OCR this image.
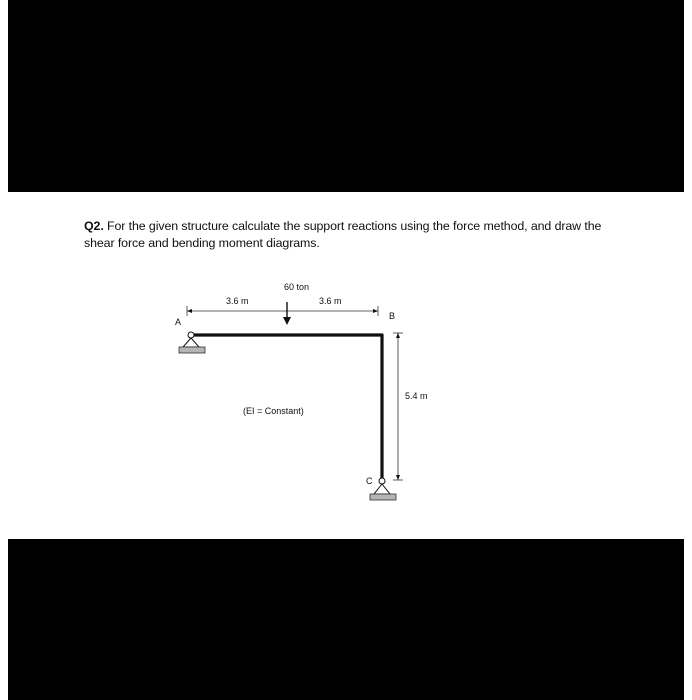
Q2. For the given structure calculate the support reactions using the force method, and draw the shear force and bending moment diagrams.
60 ton
3.6 m	3.6 m
5.4 m
(EI = Constant)
A
B
C
